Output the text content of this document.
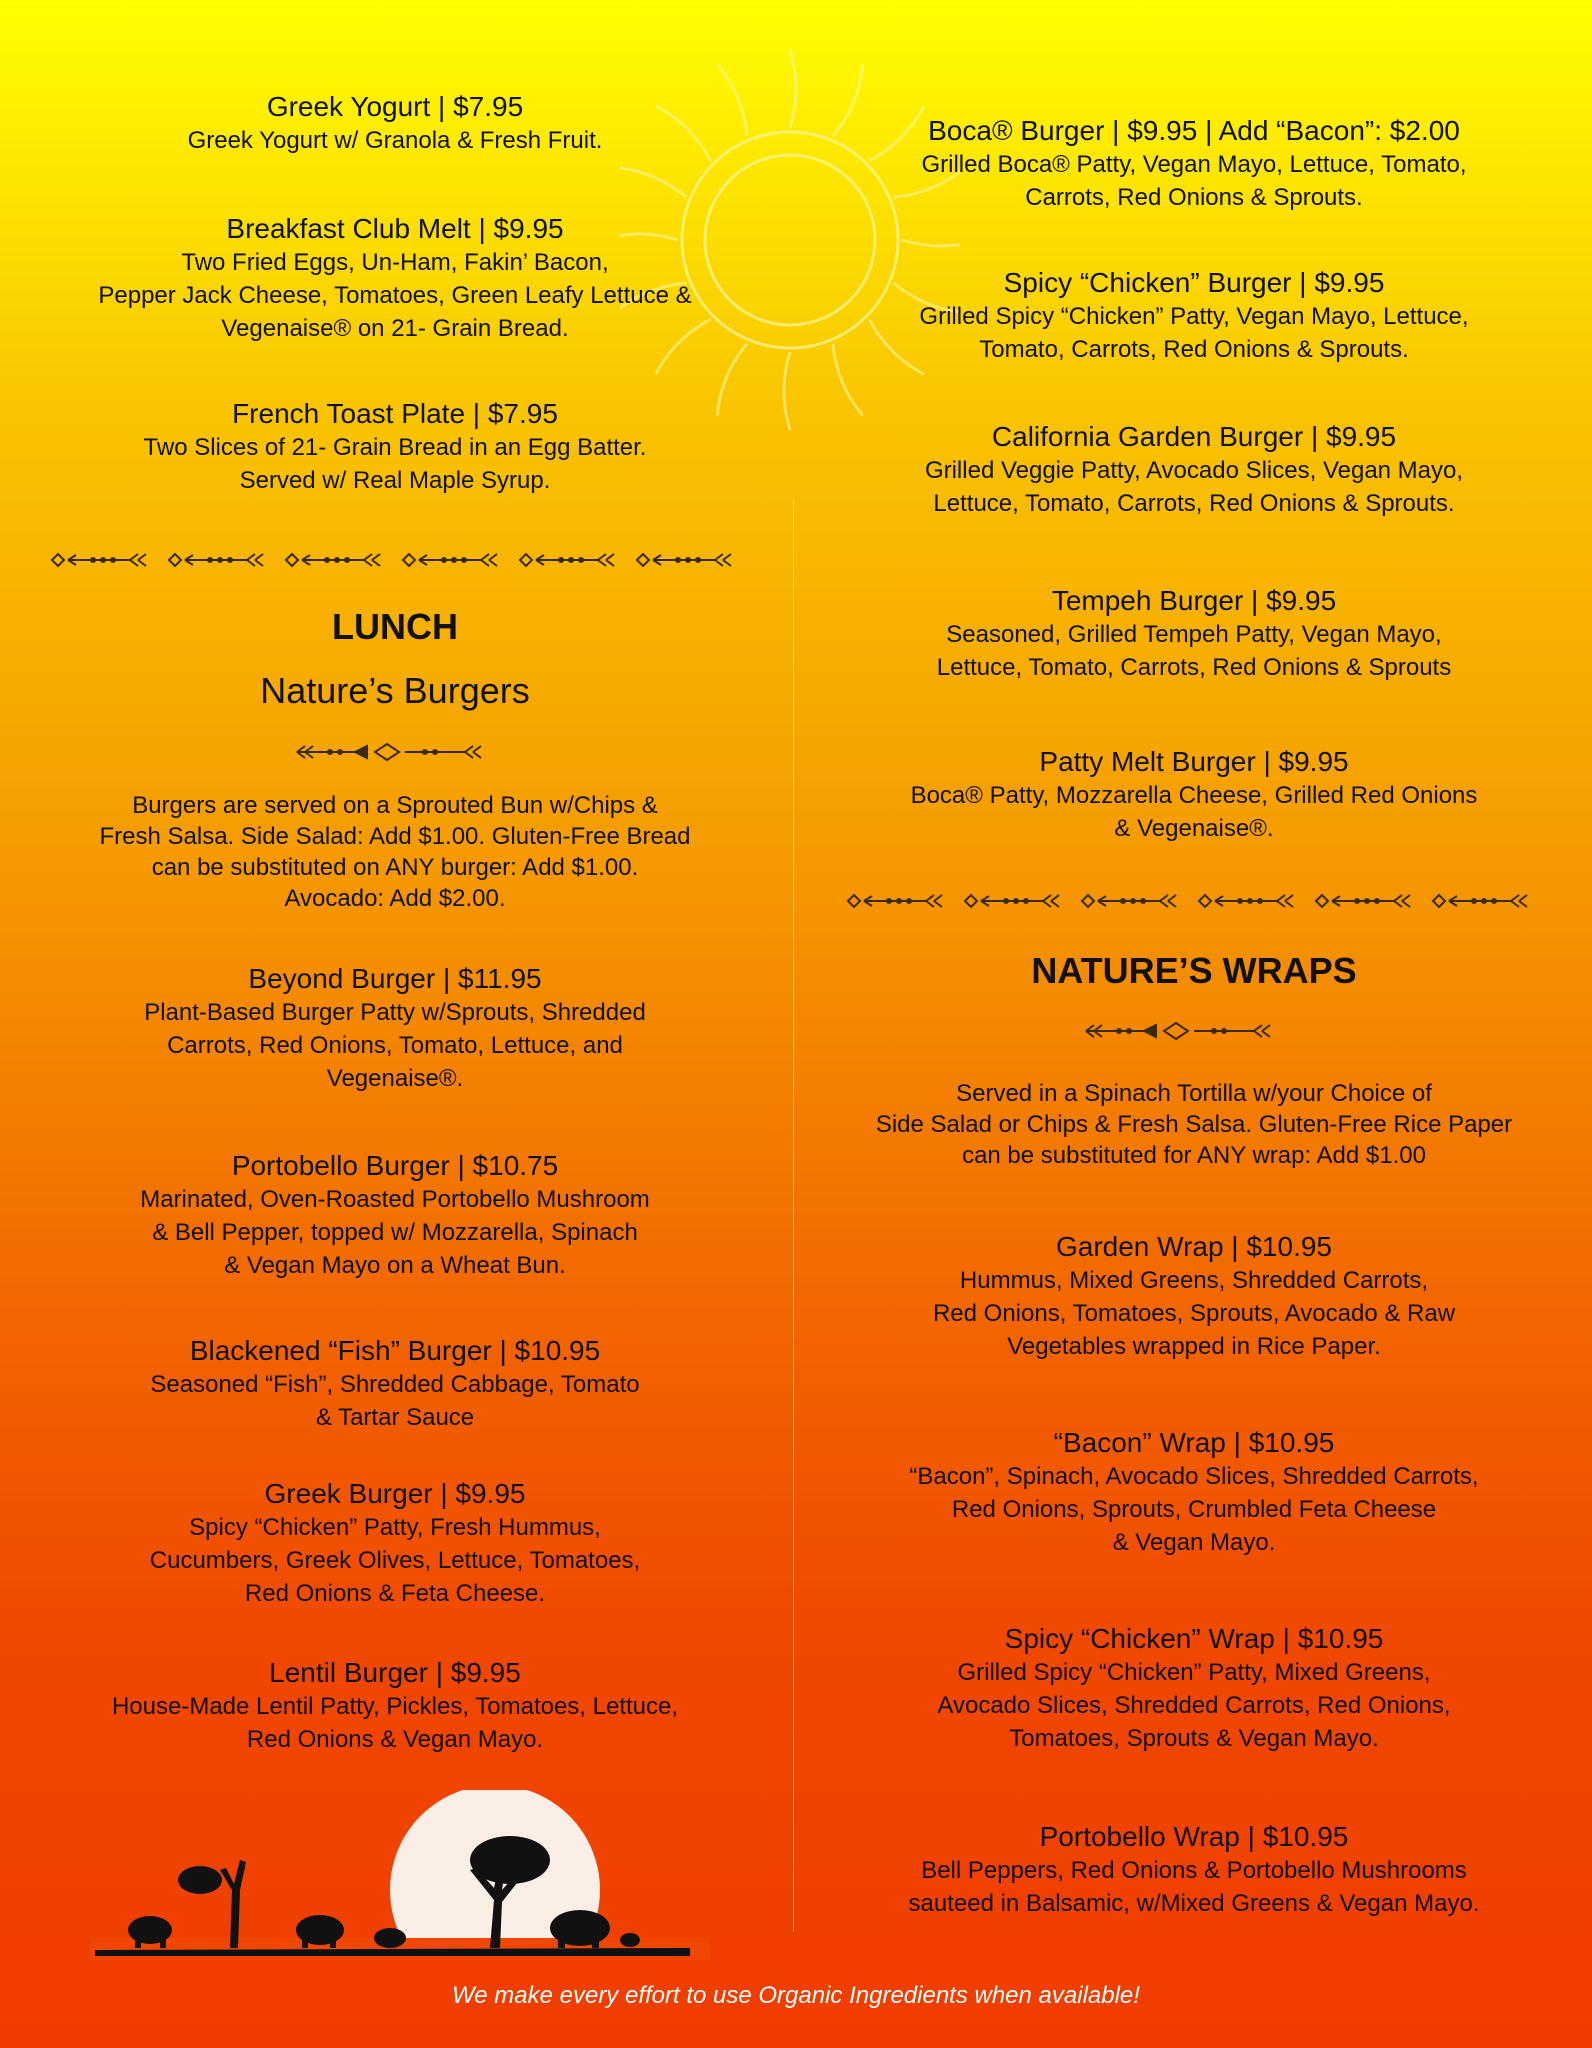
Greek Yogurt | $7.95
Greek Yogurt w/ Granola & Fresh Fruit.
Breakfast Club Melt | $9.95
Two Fried Eggs, Un-Ham, Fakin’ Bacon,
Pepper Jack Cheese, Tomatoes, Green Leafy Lettuce &
Vegenaise® on 21- Grain Bread.
French Toast Plate | $7.95
Two Slices of 21- Grain Bread in an Egg Batter.
Served w/ Real Maple Syrup.
LUNCH
Nature’s Burgers
Burgers are served on a Sprouted Bun w/Chips &
Fresh Salsa. Side Salad: Add $1.00. Gluten-Free Bread
can be substituted on ANY burger: Add $1.00.
Avocado: Add $2.00.
Beyond Burger | $11.95
Plant-Based Burger Patty w/Sprouts, Shredded
Carrots, Red Onions, Tomato, Lettuce, and
Vegenaise®.
Portobello Burger | $10.75
Marinated, Oven-Roasted Portobello Mushroom
& Bell Pepper, topped w/ Mozzarella, Spinach
& Vegan Mayo on a Wheat Bun.
Blackened “Fish” Burger | $10.95
Seasoned “Fish”, Shredded Cabbage, Tomato
& Tartar Sauce
Greek Burger | $9.95
Spicy “Chicken” Patty, Fresh Hummus,
Cucumbers, Greek Olives, Lettuce, Tomatoes,
Red Onions & Feta Cheese.
Lentil Burger | $9.95
House-Made Lentil Patty, Pickles, Tomatoes, Lettuce,
Red Onions & Vegan Mayo.
Boca® Burger | $9.95 | Add “Bacon”: $2.00
Grilled Boca® Patty, Vegan Mayo, Lettuce, Tomato,
Carrots, Red Onions & Sprouts.
Spicy “Chicken” Burger | $9.95
Grilled Spicy “Chicken” Patty, Vegan Mayo, Lettuce,
Tomato, Carrots, Red Onions & Sprouts.
California Garden Burger | $9.95
Grilled Veggie Patty, Avocado Slices, Vegan Mayo,
Lettuce, Tomato, Carrots, Red Onions & Sprouts.
Tempeh Burger | $9.95
Seasoned, Grilled Tempeh Patty, Vegan Mayo,
Lettuce, Tomato, Carrots, Red Onions & Sprouts
Patty Melt Burger | $9.95
Boca® Patty, Mozzarella Cheese, Grilled Red Onions
& Vegenaise®.
NATURE’S WRAPS
Served in a Spinach Tortilla w/your Choice of
Side Salad or Chips & Fresh Salsa. Gluten-Free Rice Paper
can be substituted for ANY wrap: Add $1.00
Garden Wrap | $10.95
Hummus, Mixed Greens, Shredded Carrots,
Red Onions, Tomatoes, Sprouts, Avocado & Raw
Vegetables wrapped in Rice Paper.
“Bacon” Wrap | $10.95
“Bacon”, Spinach, Avocado Slices, Shredded Carrots,
Red Onions, Sprouts, Crumbled Feta Cheese
& Vegan Mayo.
Spicy “Chicken” Wrap | $10.95
Grilled Spicy “Chicken” Patty, Mixed Greens,
Avocado Slices, Shredded Carrots, Red Onions,
Tomatoes, Sprouts & Vegan Mayo.
Portobello Wrap | $10.95
Bell Peppers, Red Onions & Portobello Mushrooms
sauteed in Balsamic, w/Mixed Greens & Vegan Mayo.
We make every effort to use Organic Ingredients when available!
